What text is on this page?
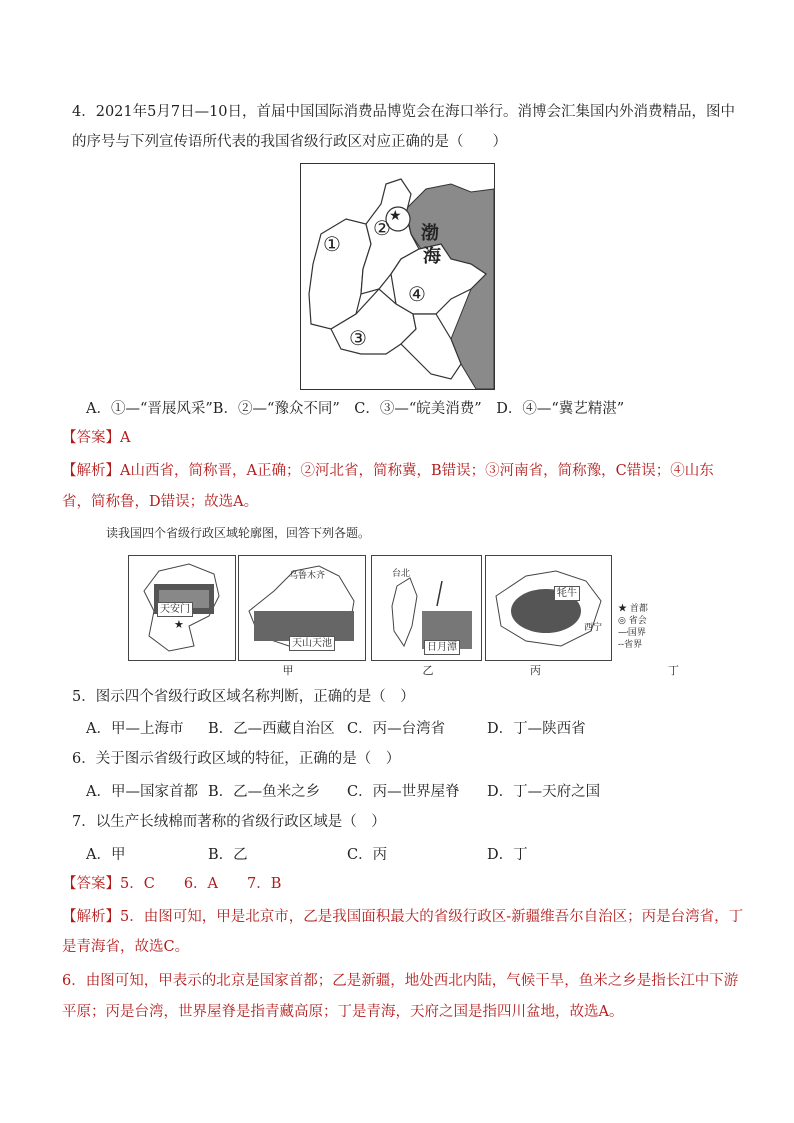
4．2021年5月7日—10日，首届中国国际消费品博览会在海口举行。消博会汇集国内外消费精品，图中
的序号与下列宣传语所代表的我国省级行政区对应正确的是（　　）
★
渤
海
①
②
③
④
A．①—“晋展风采”B．②—“豫众不同”　C．③—“皖美消费”　D．④—“冀艺精湛”
【答案】A
【解析】A山西省，简称晋，A正确；②河北省，简称冀，B错误；③河南省，简称豫，C错误；④山东
省，简称鲁，D错误；故选A。
读我国四个省级行政区域轮廓图，回答下列各题。
天安门
★
甲
乌鲁木齐
天山天池
乙
台北
日月潭
丙
牦牛
西宁
丁
★ 首都
◎ 省会
—·国界
--省界
5．图示四个省级行政区域名称判断，正确的是（　）
A．甲—上海市 B．乙—西藏自治区 C．丙—台湾省	D．丁—陕西省
6．关于图示省级行政区域的特征，正确的是（　）
A．甲—国家首都 B．乙—鱼米之乡 C．丙—世界屋脊 D．丁—天府之国
7．以生产长绒棉而著称的省级行政区域是（　）
A．甲	B．乙	C．丙	D．丁
【答案】5．C　　6．A　　7．B
【解析】5．由图可知，甲是北京市，乙是我国面积最大的省级行政区-新疆维吾尔自治区；丙是台湾省，丁
是青海省，故选C。
6．由图可知，甲表示的北京是国家首都；乙是新疆，地处西北内陆，气候干旱，鱼米之乡是指长江中下游
平原；丙是台湾，世界屋脊是指青藏高原；丁是青海，天府之国是指四川盆地，故选A。
